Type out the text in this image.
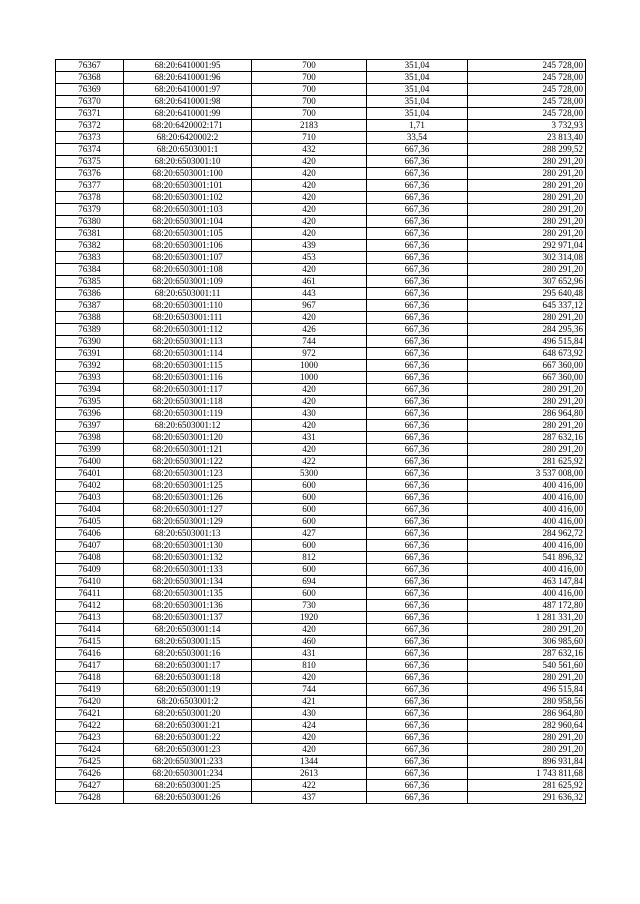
76367	68:20:6410001:95	700	351,04	245 728,00
76368	68:20:6410001:96	700	351,04	245 728,00
76369	68:20:6410001:97	700	351,04	245 728,00
76370	68:20:6410001:98	700	351,04	245 728,00
76371	68:20:6410001:99	700	351,04	245 728,00
76372	68:20:6420002:171	2183	1,71	3 732,93
76373	68:20:6420002:2	710	33,54	23 813,40
76374	68:20:6503001:1	432	667,36	288 299,52
76375	68:20:6503001:10	420	667,36	280 291,20
76376	68:20:6503001:100	420	667,36	280 291,20
76377	68:20:6503001:101	420	667,36	280 291,20
76378	68:20:6503001:102	420	667,36	280 291,20
76379	68:20:6503001:103	420	667,36	280 291,20
76380	68:20:6503001:104	420	667,36	280 291,20
76381	68:20:6503001:105	420	667,36	280 291,20
76382	68:20:6503001:106	439	667,36	292 971,04
76383	68:20:6503001:107	453	667,36	302 314,08
76384	68:20:6503001:108	420	667,36	280 291,20
76385	68:20:6503001:109	461	667,36	307 652,96
76386	68:20:6503001:11	443	667,36	295 640,48
76387	68:20:6503001:110	967	667,36	645 337,12
76388	68:20:6503001:111	420	667,36	280 291,20
76389	68:20:6503001:112	426	667,36	284 295,36
76390	68:20:6503001:113	744	667,36	496 515,84
76391	68:20:6503001:114	972	667,36	648 673,92
76392	68:20:6503001:115	1000	667,36	667 360,00
76393	68:20:6503001:116	1000	667,36	667 360,00
76394	68:20:6503001:117	420	667,36	280 291,20
76395	68:20:6503001:118	420	667,36	280 291,20
76396	68:20:6503001:119	430	667,36	286 964,80
76397	68:20:6503001:12	420	667,36	280 291,20
76398	68:20:6503001:120	431	667,36	287 632,16
76399	68:20:6503001:121	420	667,36	280 291,20
76400	68:20:6503001:122	422	667,36	281 625,92
76401	68:20:6503001:123	5300	667,36	3 537 008,00
76402	68:20:6503001:125	600	667,36	400 416,00
76403	68:20:6503001:126	600	667,36	400 416,00
76404	68:20:6503001:127	600	667,36	400 416,00
76405	68:20:6503001:129	600	667,36	400 416,00
76406	68:20:6503001:13	427	667,36	284 962,72
76407	68:20:6503001:130	600	667,36	400 416,00
76408	68:20:6503001:132	812	667,36	541 896,32
76409	68:20:6503001:133	600	667,36	400 416,00
76410	68:20:6503001:134	694	667,36	463 147,84
76411	68:20:6503001:135	600	667,36	400 416,00
76412	68:20:6503001:136	730	667,36	487 172,80
76413	68:20:6503001:137	1920	667,36	1 281 331,20
76414	68:20:6503001:14	420	667,36	280 291,20
76415	68:20:6503001:15	460	667,36	306 985,60
76416	68:20:6503001:16	431	667,36	287 632,16
76417	68:20:6503001:17	810	667,36	540 561,60
76418	68:20:6503001:18	420	667,36	280 291,20
76419	68:20:6503001:19	744	667,36	496 515,84
76420	68:20:6503001:2	421	667,36	280 958,56
76421	68:20:6503001:20	430	667,36	286 964,80
76422	68:20:6503001:21	424	667,36	282 960,64
76423	68:20:6503001:22	420	667,36	280 291,20
76424	68:20:6503001:23	420	667,36	280 291,20
76425	68:20:6503001:233	1344	667,36	896 931,84
76426	68:20:6503001:234	2613	667,36	1 743 811,68
76427	68:20:6503001:25	422	667,36	281 625,92
76428	68:20:6503001:26	437	667,36	291 636,32
